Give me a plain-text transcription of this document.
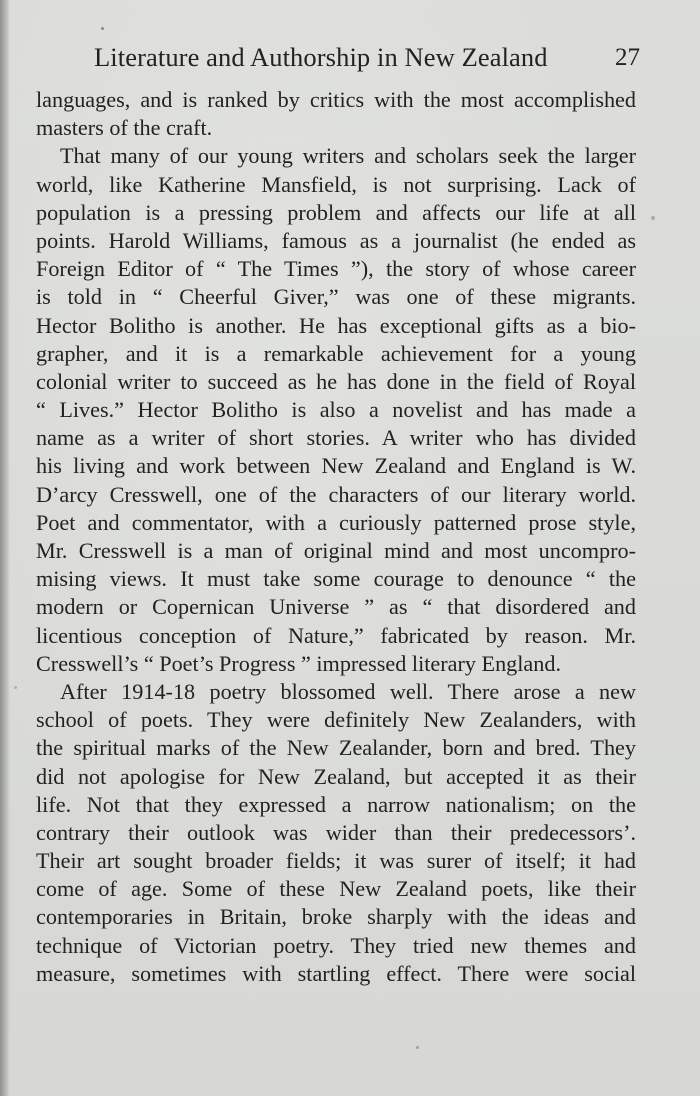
Literature and Authorship in New Zealand	27
languages, and is ranked by critics with the most accomplished
masters of the craft.
That many of our young writers and scholars seek the larger
world, like Katherine Mansfield, is not surprising. Lack of
population is a pressing problem and affects our life at all
points. Harold Williams, famous as a journalist (he ended as
Foreign Editor of “ The Times ”), the story of whose career
is told in “ Cheerful Giver,” was one of these migrants.
Hector Bolitho is another. He has exceptional gifts as a bio-
grapher, and it is a remarkable achievement for a young
colonial writer to succeed as he has done in the field of Royal
“ Lives.” Hector Bolitho is also a novelist and has made a
name as a writer of short stories. A writer who has divided
his living and work between New Zealand and England is W.
D’arcy Cresswell, one of the characters of our literary world.
Poet and commentator, with a curiously patterned prose style,
Mr. Cresswell is a man of original mind and most uncompro-
mising views. It must take some courage to denounce “ the
modern or Copernican Universe ” as “ that disordered and
licentious conception of Nature,” fabricated by reason. Mr.
Cresswell’s “ Poet’s Progress ” impressed literary England.
After 1914-18 poetry blossomed well. There arose a new
school of poets. They were definitely New Zealanders, with
the spiritual marks of the New Zealander, born and bred. They
did not apologise for New Zealand, but accepted it as their
life. Not that they expressed a narrow nationalism; on the
contrary their outlook was wider than their predecessors’.
Their art sought broader fields; it was surer of itself; it had
come of age. Some of these New Zealand poets, like their
contemporaries in Britain, broke sharply with the ideas and
technique of Victorian poetry. They tried new themes and
measure, sometimes with startling effect. There were social
